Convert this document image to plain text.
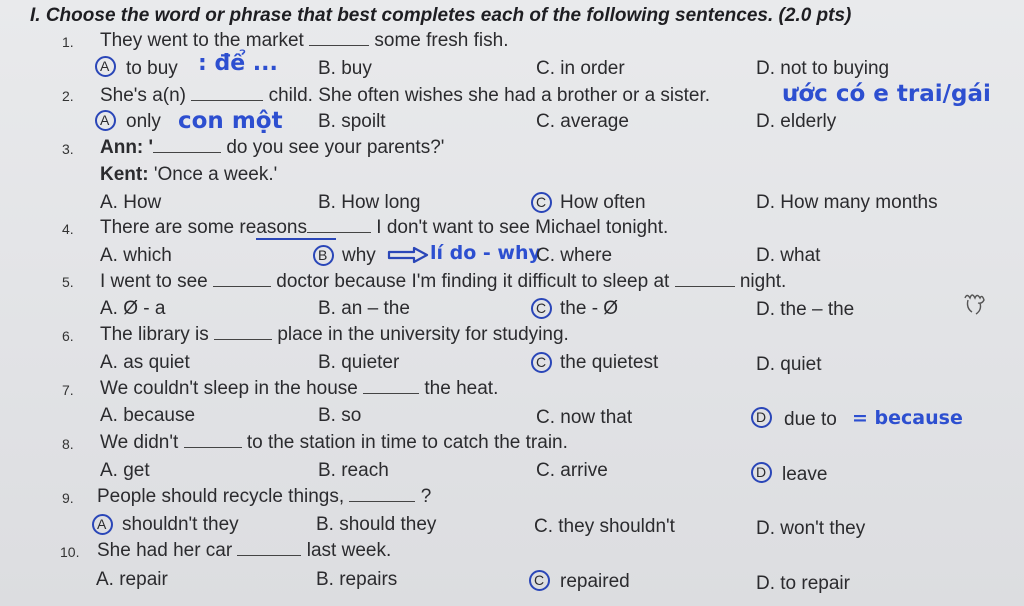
I. Choose the word or phrase that best completes each of the following sentences. (2.0 pts)
1. They went to the market	some fresh fish.
A to buy : để ... B. buy	C. in order	D. not to buying
2. She's a(n)	child. She often wishes she had a brother or a sister.	ước có e trai/gái
A only con một B. spoilt	C. average	D. elderly
3. Ann: '	do you see your parents?'
Kent: 'Once a week.'
A. How	B. How long	C How often	D. How many months
4. There are some reasons	I don't want to see Michael tonight.
A. which	B why	lí do - why
C. where	D. what
5. I went to see	doctor because I'm finding it difficult to sleep at	night.
A. Ø - a	B. an – the	C the - Ø	D. the – the
6. The library is	place in the university for studying.
A. as quiet	B. quieter	C the quietest	D. quiet
7. We couldn't sleep in the house	the heat.
A. because	B. so	C. now that	D due to = because
8. We didn't	to the station in time to catch the train.
A. get	B. reach	C. arrive	D leave
9. People should recycle things,	?
A shouldn't they	B. should they	C. they shouldn't	D. won't they
10. She had her car	last week.
A. repair	B. repairs	C repaired	D. to repair
